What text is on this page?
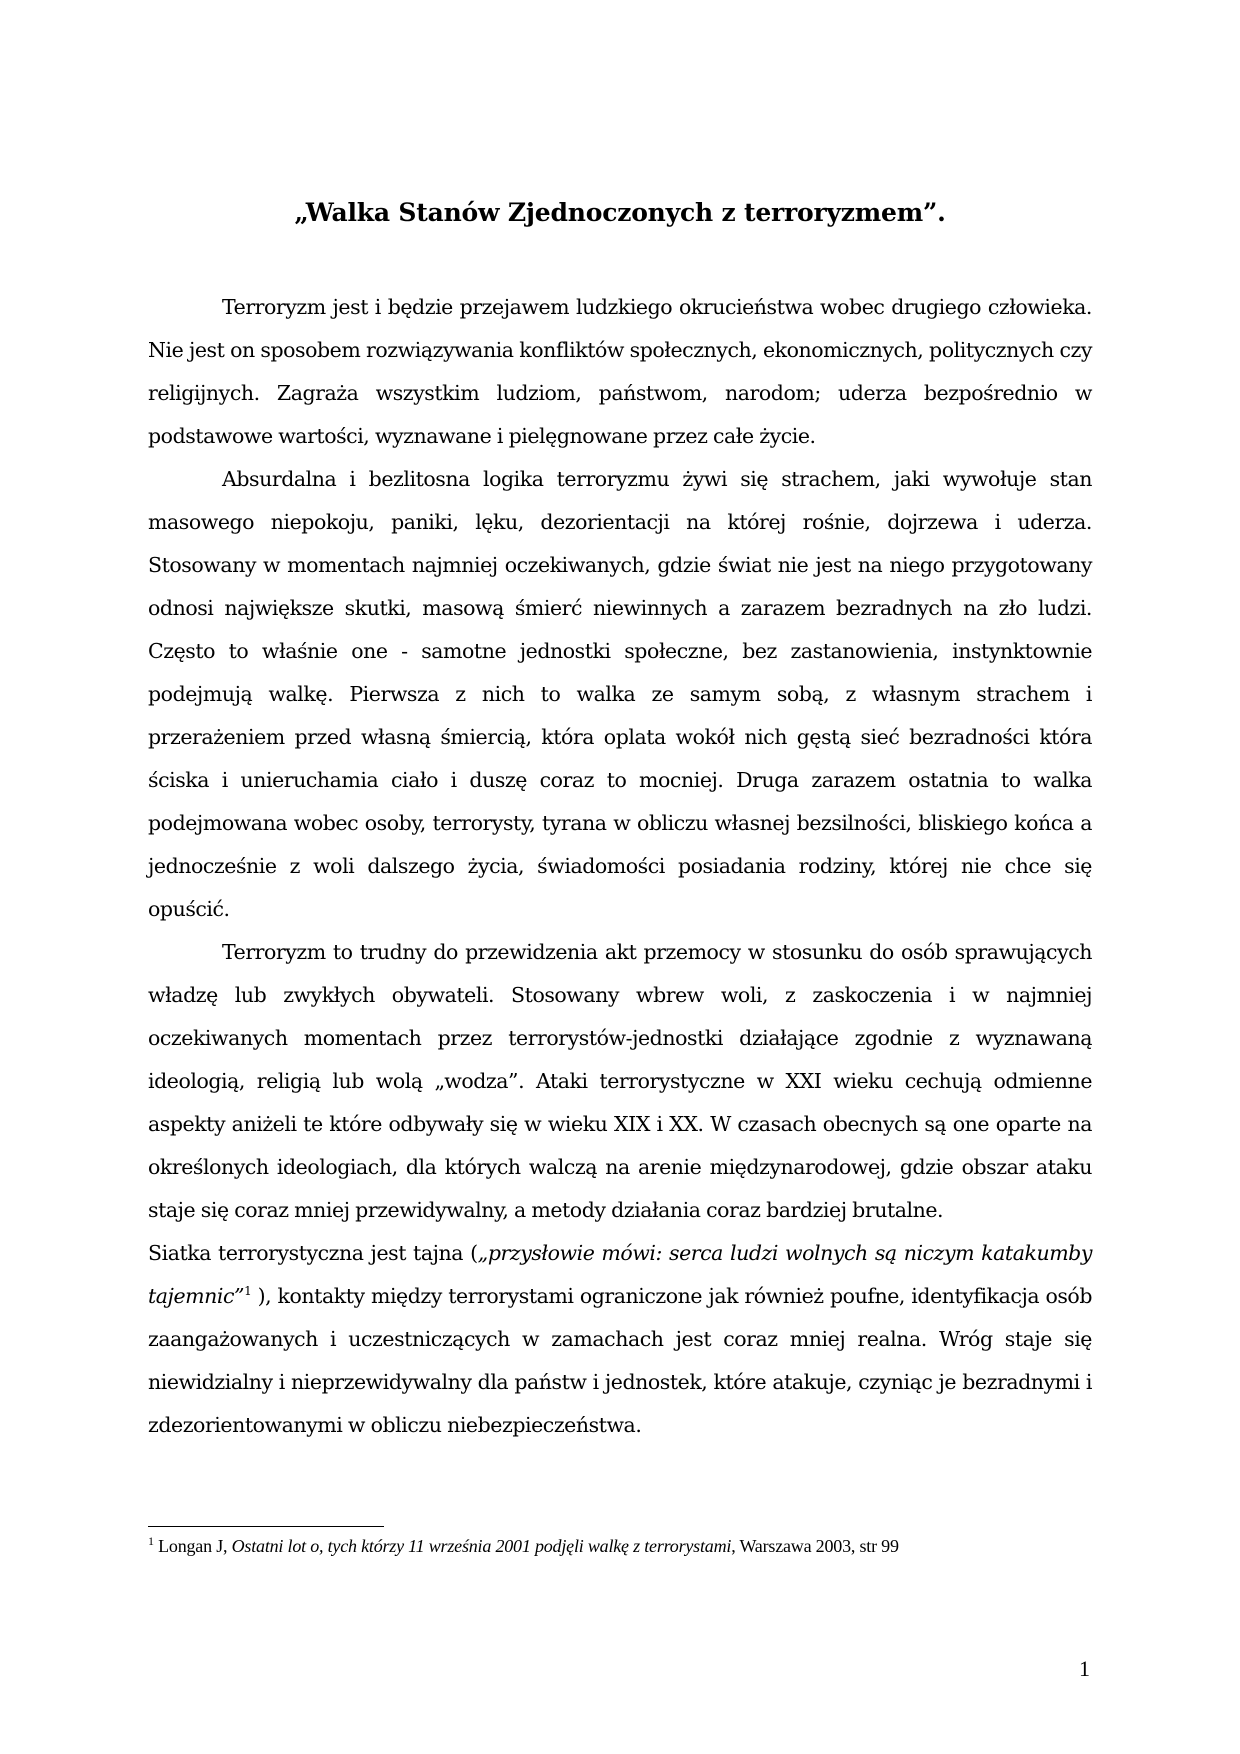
„Walka Stanów Zjednoczonych z terroryzmem”.

Terroryzm jest i będzie przejawem ludzkiego okrucieństwa wobec drugiego człowieka. Nie jest on sposobem rozwiązywania konfliktów społecznych, ekonomicznych, politycznych czy religijnych. Zagraża wszystkim ludziom, państwom, narodom; uderza bezpośrednio w podstawowe wartości, wyznawane i pielęgnowane przez całe życie.

Absurdalna i bezlitosna logika terroryzmu żywi się strachem, jaki wywołuje stan masowego niepokoju, paniki, lęku, dezorientacji na której rośnie, dojrzewa i uderza. Stosowany w momentach najmniej oczekiwanych, gdzie świat nie jest na niego przygotowany odnosi największe skutki, masową śmierć niewinnych a zarazem bezradnych na zło ludzi. Często to właśnie one - samotne jednostki społeczne, bez zastanowienia, instynktownie podejmują walkę. Pierwsza z nich to walka ze samym sobą, z własnym strachem i przerażeniem przed własną śmiercią, która oplata wokół nich gęstą sieć bezradności która ściska i unieruchamia ciało i duszę coraz to mocniej. Druga zarazem ostatnia to walka podejmowana wobec osoby, terrorysty, tyrana w obliczu własnej bezsilności, bliskiego końca a jednocześnie z woli dalszego życia, świadomości posiadania rodziny, której nie chce się opuścić.

Terroryzm to trudny do przewidzenia akt przemocy w stosunku do osób sprawujących władzę lub zwykłych obywateli. Stosowany wbrew woli, z zaskoczenia i w najmniej oczekiwanych momentach przez terrorystów-jednostki działające zgodnie z wyznawaną ideologią, religią lub wolą „wodza”. Ataki terrorystyczne w XXI wieku cechują odmienne aspekty aniżeli te które odbywały się w wieku XIX i XX. W czasach obecnych są one oparte na określonych ideologiach, dla których walczą na arenie międzynarodowej, gdzie obszar ataku staje się coraz mniej przewidywalny, a metody działania coraz bardziej brutalne.

Siatka terrorystyczna jest tajna („przysłowie mówi: serca ludzi wolnych są niczym katakumby tajemnic”$^1$ ), kontakty między terrorystami ograniczone jak również poufne, identyfikacja osób zaangażowanych i uczestniczących w zamachach jest coraz mniej realna. Wróg staje się niewidzialny i nieprzewidywalny dla państw i jednostek, które atakuje, czyniąc je bezradnymi i zdezorientowanymi w obliczu niebezpieczeństwa.

$^1$ Longan J, Ostatni lot o, tych którzy 11 września 2001 podjęli walkę z terrorystami, Warszawa 2003, str 99
1
